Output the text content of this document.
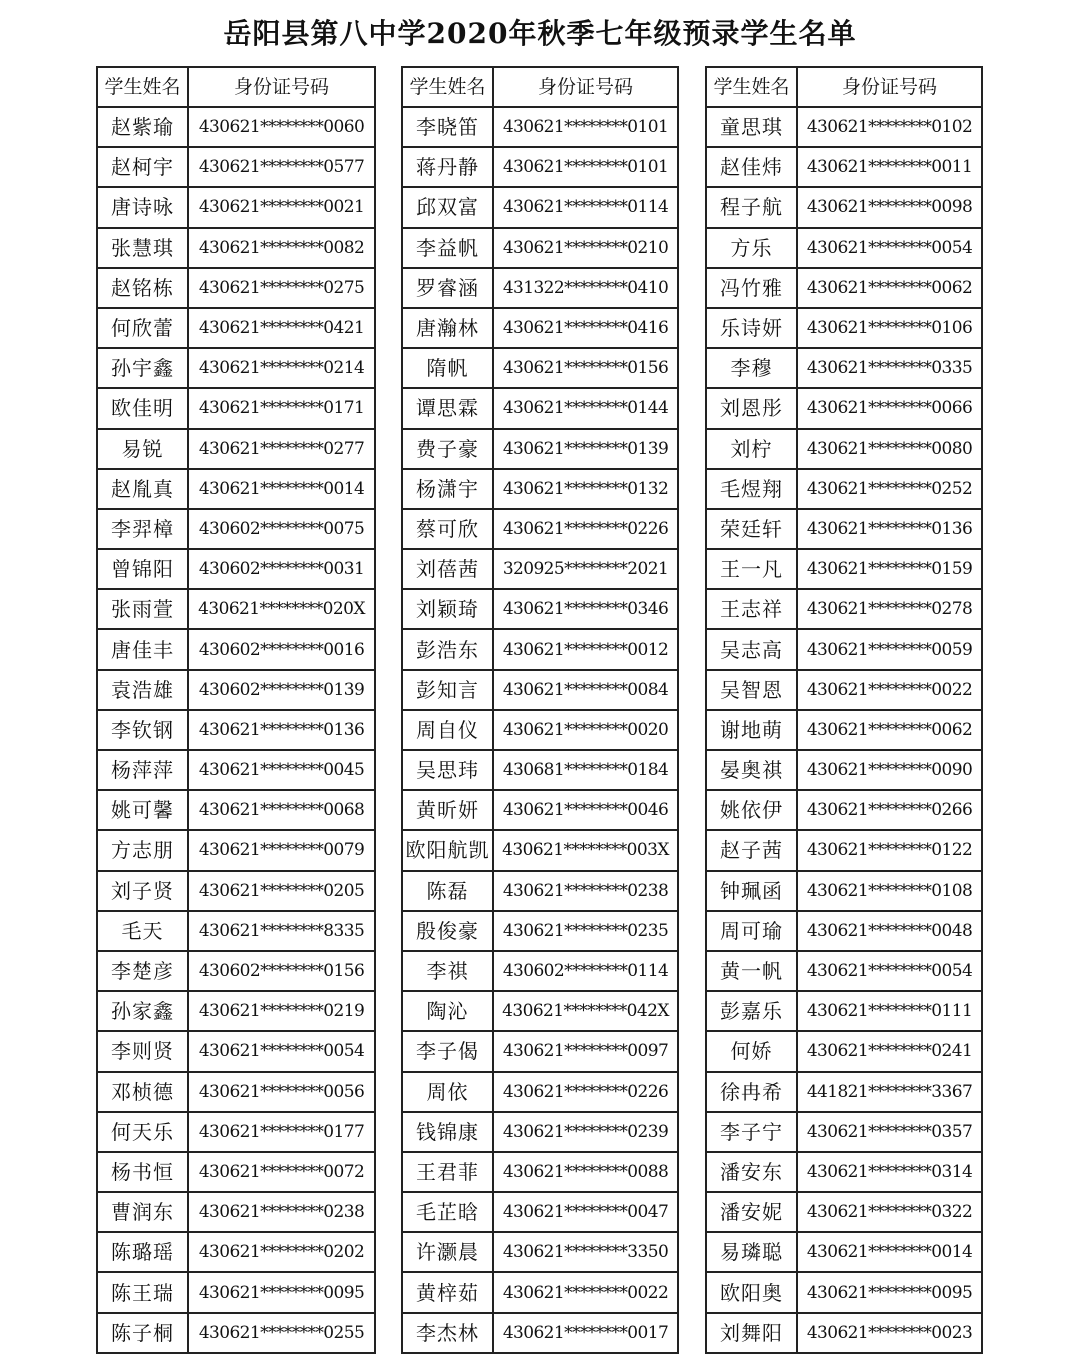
岳阳县第八中学2020年秋季七年级预录学生名单
学生姓名	身份证号码
赵紫瑜	430621********0060
赵柯宇	430621********0577
唐诗咏	430621********0021
张慧琪	430621********0082
赵铭栋	430621********0275
何欣蕾	430621********0421
孙宇鑫	430621********0214
欧佳明	430621********0171
易锐	430621********0277
赵胤真	430621********0014
李羿樟	430602********0075
曾锦阳	430602********0031
张雨萱	430621********020X
唐佳丰	430602********0016
袁浩雄	430602********0139
李钦钢	430621********0136
杨萍萍	430621********0045
姚可馨	430621********0068
方志朋	430621********0079
刘子贤	430621********0205
毛天	430621********8335
李楚彦	430602********0156
孙家鑫	430621********0219
李则贤	430621********0054
邓桢德	430621********0056
何天乐	430621********0177
杨书恒	430621********0072
曹润东	430621********0238
陈璐瑶	430621********0202
陈王瑞	430621********0095
陈子桐	430621********0255
学生姓名	身份证号码
李晓笛	430621********0101
蒋丹静	430621********0101
邱双富	430621********0114
李益帆	430621********0210
罗睿涵	431322********0410
唐瀚林	430621********0416
隋帆	430621********0156
谭思霖	430621********0144
费子豪	430621********0139
杨潇宇	430621********0132
蔡可欣	430621********0226
刘蓓茜	320925********2021
刘颖琦	430621********0346
彭浩东	430621********0012
彭知言	430621********0084
周自仪	430621********0020
吴思玮	430681********0184
黄昕妍	430621********0046
欧阳航凯	430621********003X
陈磊	430621********0238
殷俊豪	430621********0235
李祺	430602********0114
陶沁	430621********042X
李子偈	430621********0097
周依	430621********0226
钱锦康	430621********0239
王君菲	430621********0088
毛芷晗	430621********0047
许灏晨	430621********3350
黄梓茹	430621********0022
李杰林	430621********0017
学生姓名	身份证号码
童思琪	430621********0102
赵佳炜	430621********0011
程子航	430621********0098
方乐	430621********0054
冯竹雅	430621********0062
乐诗妍	430621********0106
李穆	430621********0335
刘恩彤	430621********0066
刘柠	430621********0080
毛煜翔	430621********0252
荣廷轩	430621********0136
王一凡	430621********0159
王志祥	430621********0278
吴志高	430621********0059
吴智恩	430621********0022
谢地萌	430621********0062
晏奥祺	430621********0090
姚依伊	430621********0266
赵子茜	430621********0122
钟珮函	430621********0108
周可瑜	430621********0048
黄一帆	430621********0054
彭嘉乐	430621********0111
何娇	430621********0241
徐冉希	441821********3367
李子宁	430621********0357
潘安东	430621********0314
潘安妮	430621********0322
易璘聪	430621********0014
欧阳奥	430621********0095
刘舞阳	430621********0023
